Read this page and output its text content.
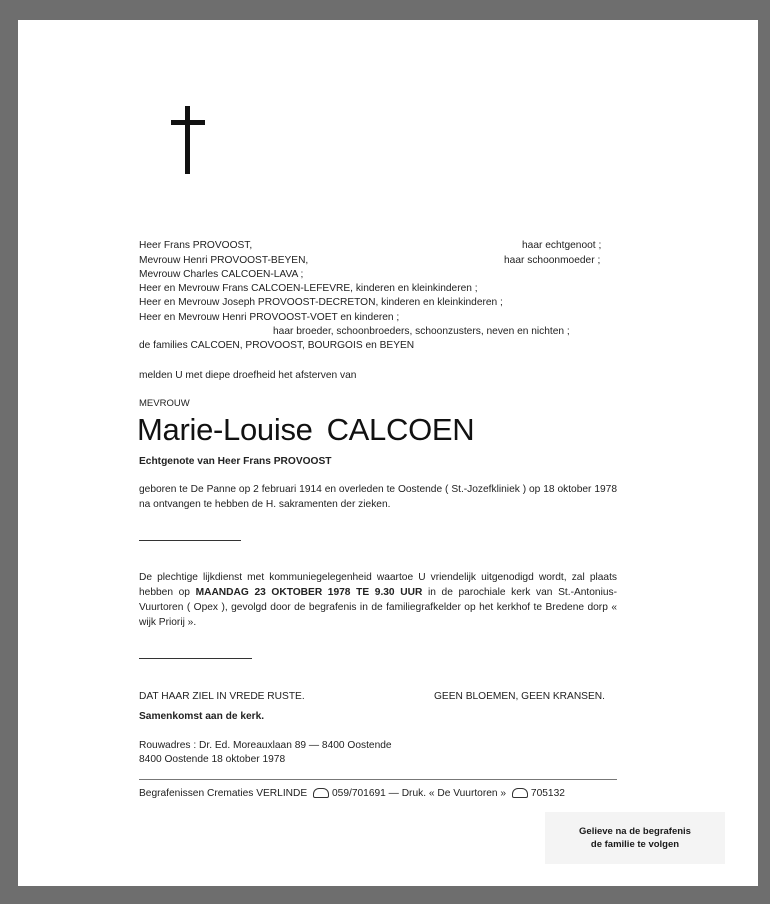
Heer Frans PROVOOST,	haar echtgenoot ;
Mevrouw Henri PROVOOST-BEYEN,	haar schoonmoeder ;
Mevrouw Charles CALCOEN-LAVA ;
Heer en Mevrouw Frans CALCOEN-LEFEVRE, kinderen en kleinkinderen ;
Heer en Mevrouw Joseph PROVOOST-DECRETON, kinderen en kleinkinderen ;
Heer en Mevrouw Henri PROVOOST-VOET en kinderen ;
haar broeder, schoonbroeders, schoonzusters, neven en nichten ;
de families CALCOEN, PROVOOST, BOURGOIS en BEYEN
melden U met diepe droefheid het afsterven van
MEVROUW
Marie-Louise CALCOEN
Echtgenote van Heer Frans PROVOOST

geboren te De Panne op 2 februari 1914 en overleden te Oostende ( St.-Jozefkliniek ) op 18 oktober 1978 na ontvangen te hebben de H. sakramenten der zieken.

De plechtige lijkdienst met kommuniegelegenheid waartoe U vriendelijk uitgenodigd wordt, zal plaats hebben op MAANDAG 23 OKTOBER 1978 TE 9.30 UUR in de parochiale kerk van St.-Antonius-Vuurtoren ( Opex ), gevolgd door de begrafenis in de familiegrafkelder op het kerkhof te Bredene dorp « wijk Priorij ».

DAT HAAR ZIEL IN VREDE RUSTE.	GEEN BLOEMEN, GEEN KRANSEN.
Samenkomst aan de kerk.
Rouwadres : Dr. Ed. Moreauxlaan 89 — 8400 Oostende
8400 Oostende 18 oktober 1978
Begrafenissen Crematies VERLINDE 059/701691 — Druk. « De Vuurtoren » 705132
Gelieve na de begrafenis
de familie te volgen
